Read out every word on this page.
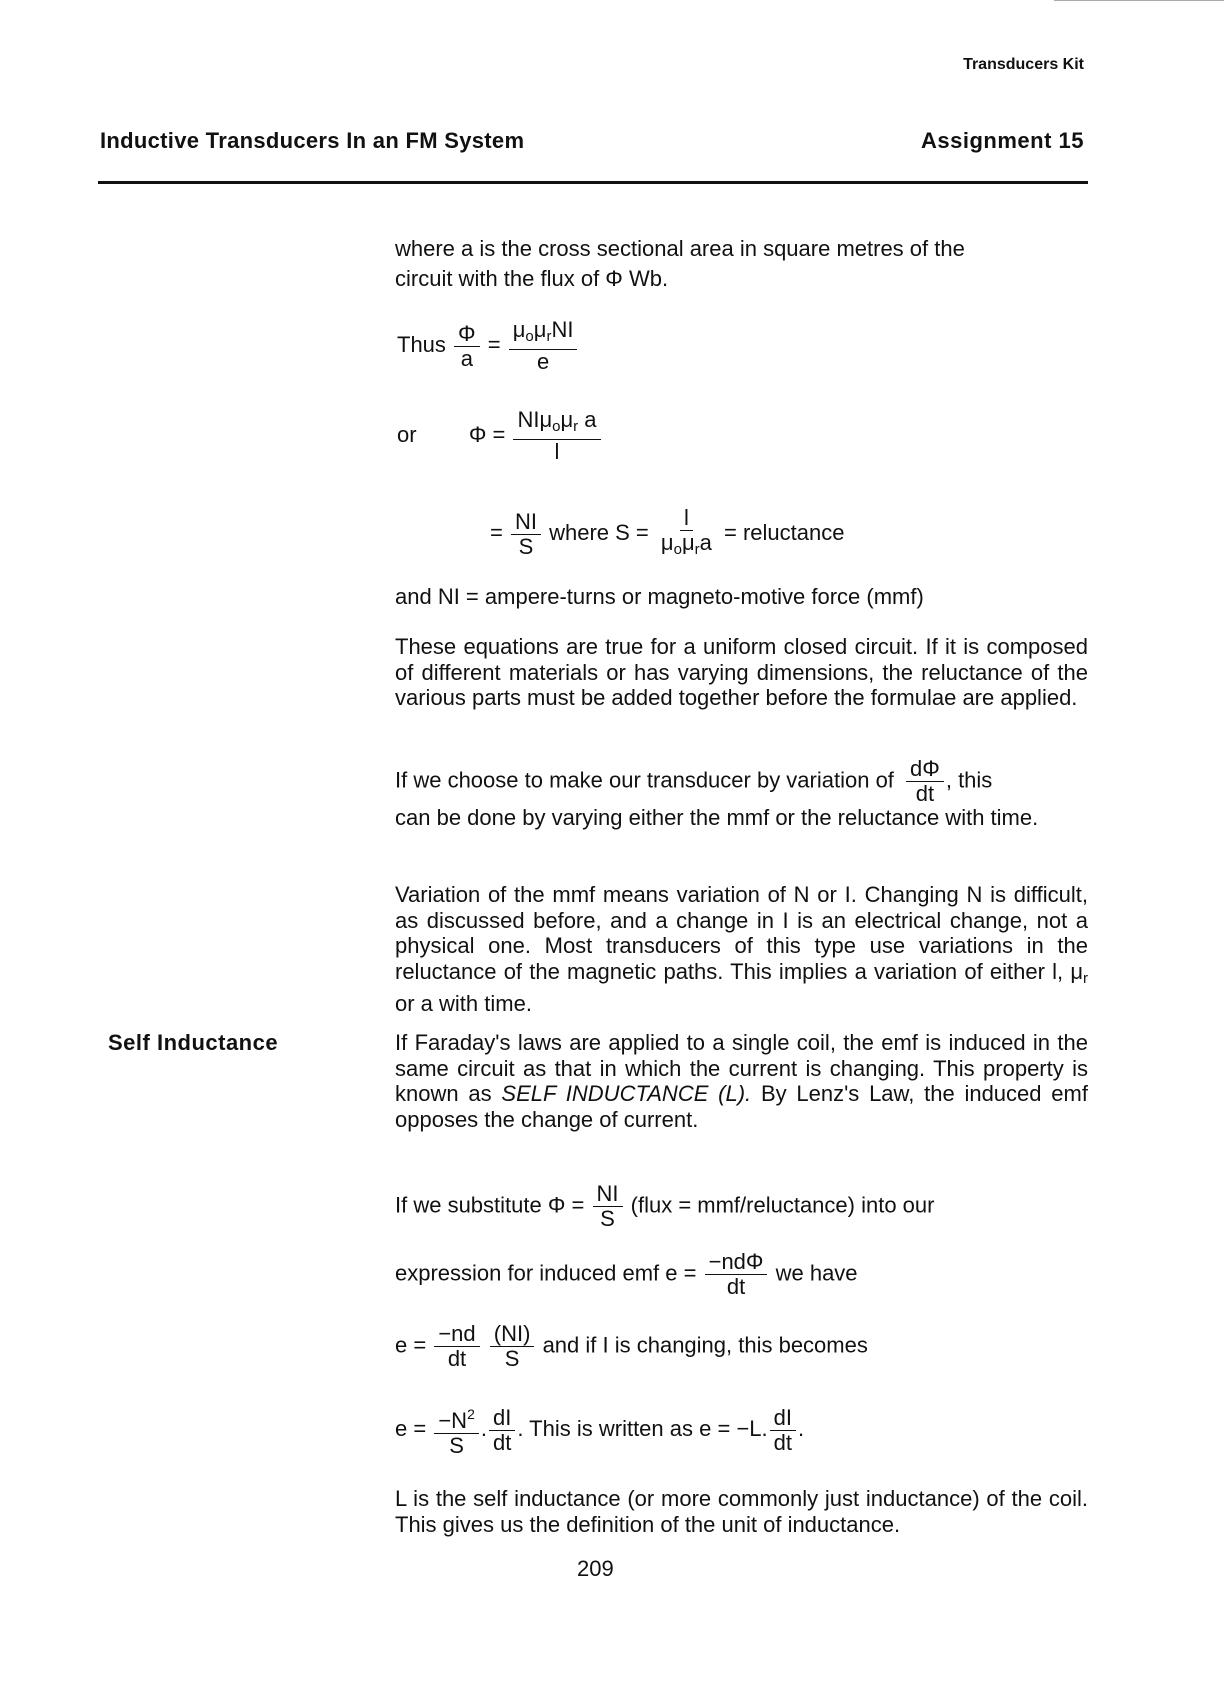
Transducers Kit
Inductive Transducers In an FM System	Assignment 15
Self Inductance
where a is the cross sectional area in square metres of the
circuit with the flux of Φ Wb.
Thus $\frac{\Phi}{a} = \frac{\mu_o\mu_rNI}{e}$
or $\Phi = \frac{NI\mu_o\mu_r a}{l}$
= $\frac{NI}{S}$ where $S = \frac{l}{\mu_o\mu_ra}$ = reluctance
and NI = ampere-turns or magneto-motive force (mmf)
These equations are true for a uniform closed circuit. If it is composed of different materials or has varying dimensions, the reluctance of the various parts must be added together before the formulae are applied.
If we choose to make our transducer by variation of $\frac{d\Phi}{dt}$ , this
can be done by varying either the mmf or the reluctance with time.
Variation of the mmf means variation of N or I. Changing N is difficult, as discussed before, and a change in I is an electrical change, not a physical one. Most transducers of this type use variations in the reluctance of the magnetic paths. This implies a variation of either l, $\mu_r$ or a with time.
If Faraday's laws are applied to a single coil, the emf is induced in the same circuit as that in which the current is changing. This property is known as SELF INDUCTANCE (L). By Lenz's Law, the induced emf opposes the change of current.
If we substitute $\Phi = \frac{NI}{S}$ (flux = mmf/reluctance) into our
expression for induced emf $e = \frac{\text{−ndΦ}}{dt}$ we have
$e = \frac{-nd}{dt}$
$\frac{(NI)}{S}$ and if I is changing, this becomes
$e = \frac{-N^2}{S}$ . $\frac{dI}{dt}$ . This is written as e = −L. $\frac{dI}{dt}$ .
L is the self inductance (or more commonly just inductance) of the coil. This gives us the definition of the unit of inductance.
209
